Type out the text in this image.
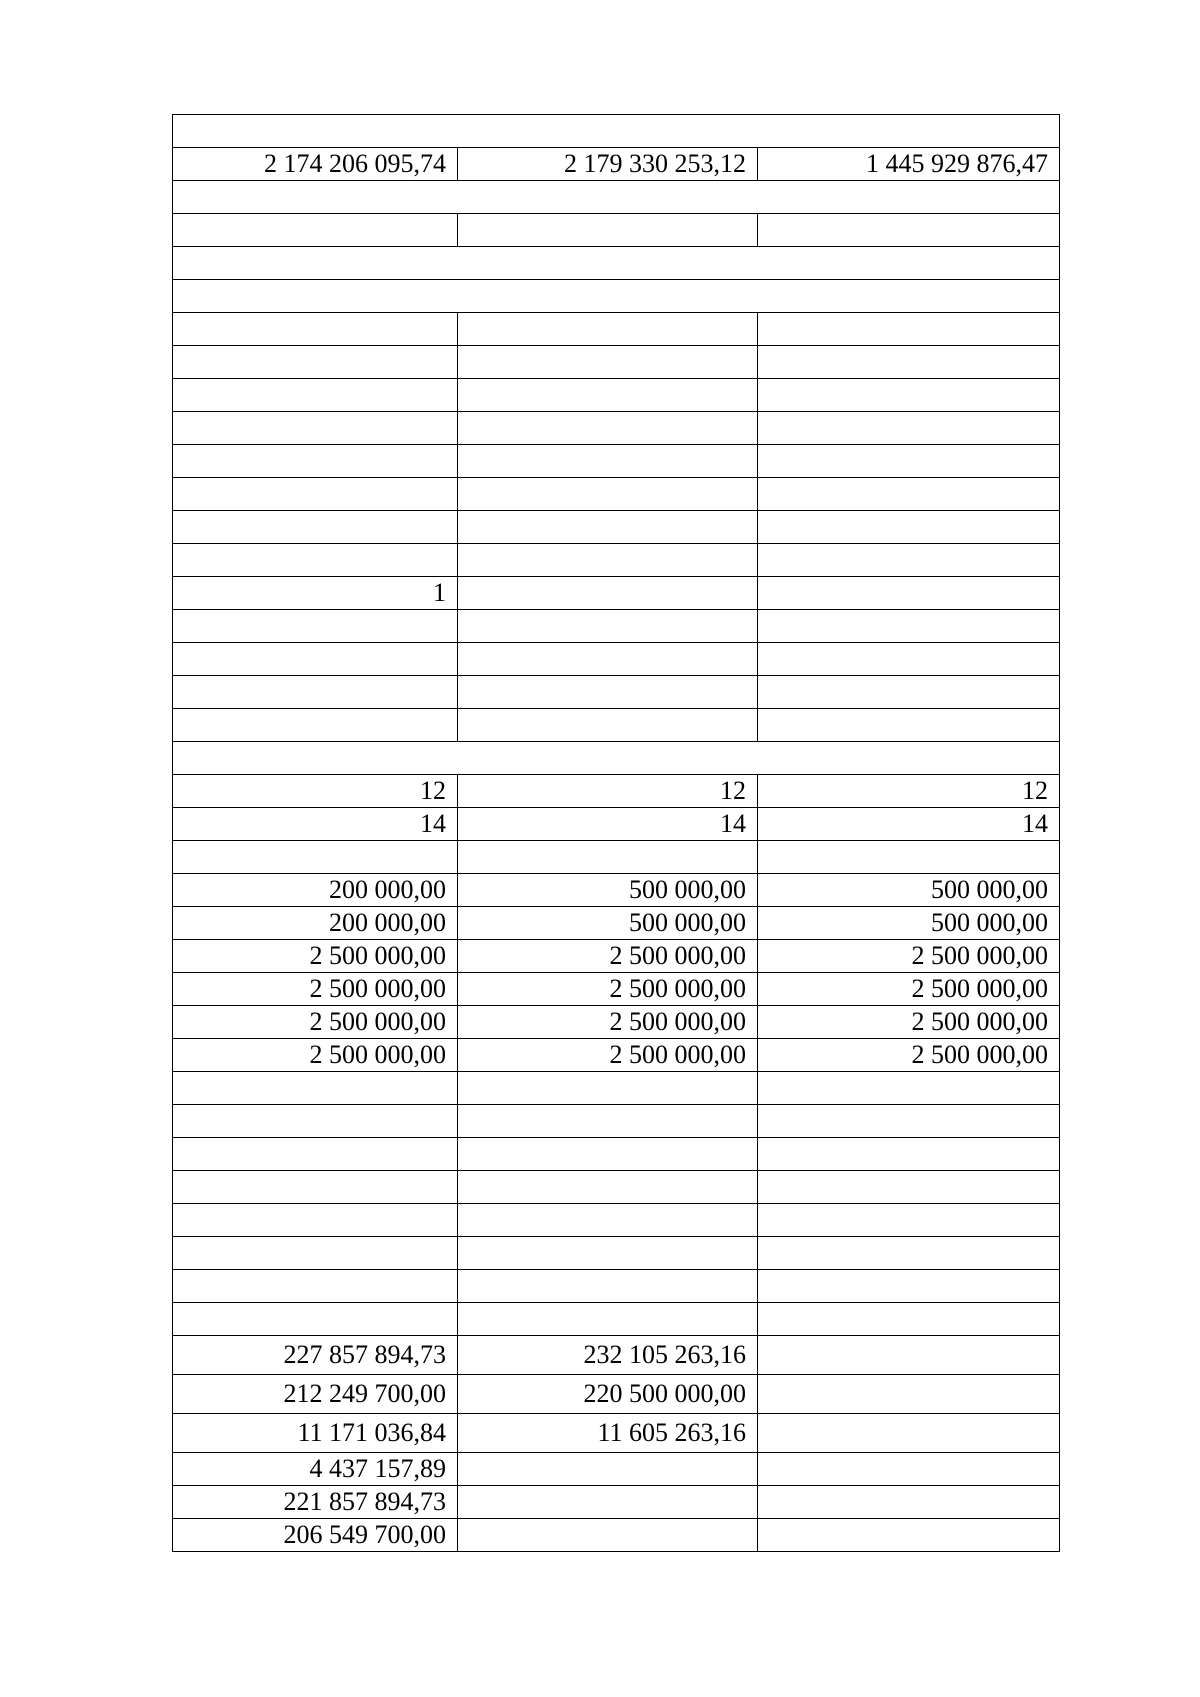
2 174 206 095,74	2 179 330 253,12	1 445 929 876,47

1		

12	12	12
14	14	14

200 000,00	500 000,00	500 000,00
200 000,00	500 000,00	500 000,00
2 500 000,00	2 500 000,00	2 500 000,00
2 500 000,00	2 500 000,00	2 500 000,00
2 500 000,00	2 500 000,00	2 500 000,00
2 500 000,00	2 500 000,00	2 500 000,00

227 857 894,73	232 105 263,16	
212 249 700,00	220 500 000,00	
11 171 036,84	11 605 263,16	
4 437 157,89		
221 857 894,73		
206 549 700,00		
